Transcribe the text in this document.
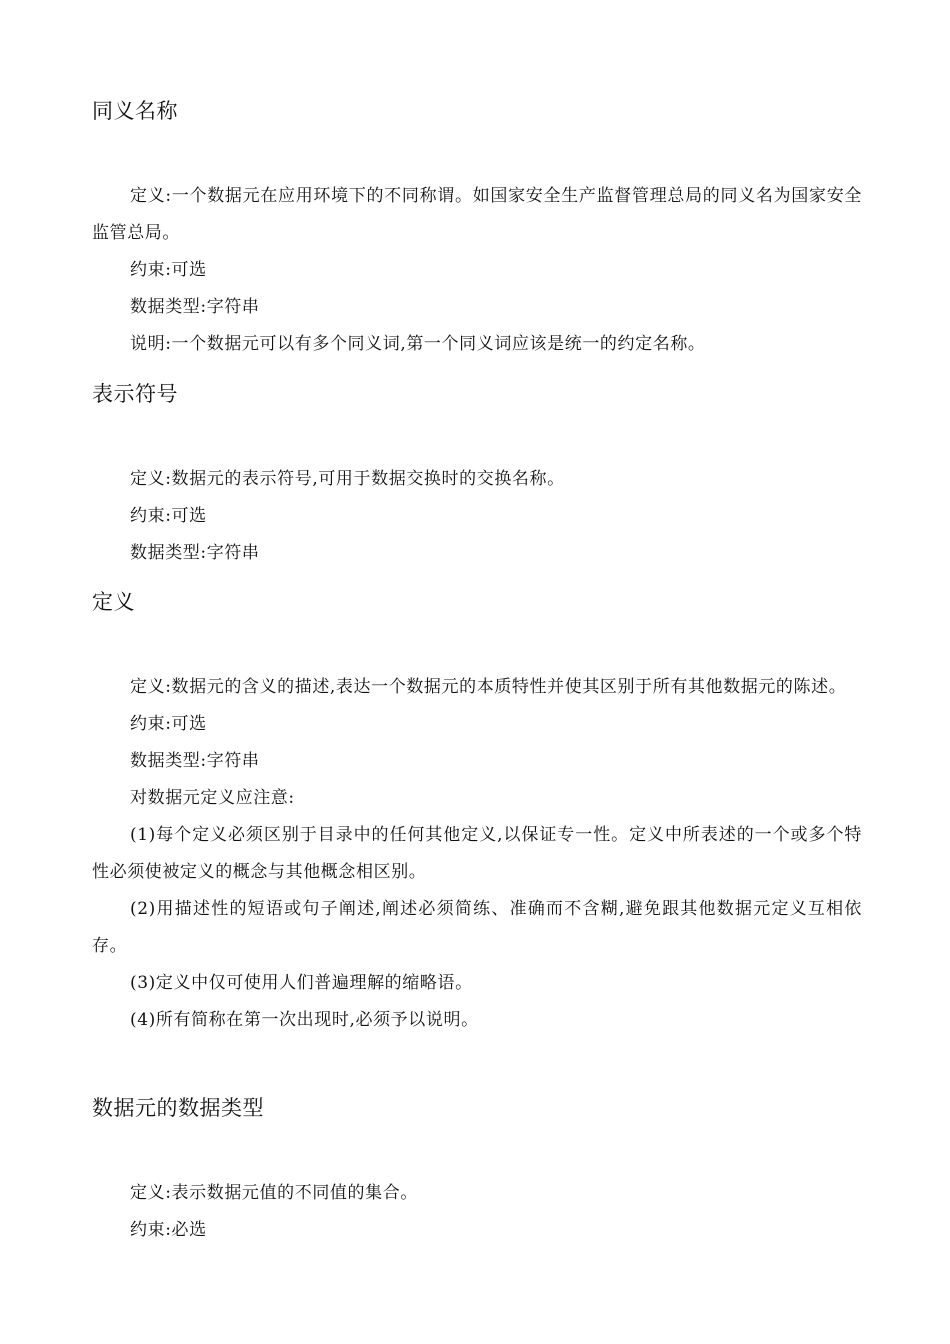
同义名称

定义:一个数据元在应用环境下的不同称谓。如国家安全生产监督管理总局的同义名为国家安全监管总局。

约束:可选

数据类型:字符串

说明:一个数据元可以有多个同义词,第一个同义词应该是统一的约定名称。

表示符号

定义:数据元的表示符号,可用于数据交换时的交换名称。

约束:可选

数据类型:字符串

定义

定义:数据元的含义的描述,表达一个数据元的本质特性并使其区别于所有其他数据元的陈述。

约束:可选

数据类型:字符串

对数据元定义应注意:

(1)每个定义必须区别于目录中的任何其他定义,以保证专一性。定义中所表述的一个或多个特性必须使被定义的概念与其他概念相区别。

(2)用描述性的短语或句子阐述,阐述必须简练、准确而不含糊,避免跟其他数据元定义互相依存。

(3)定义中仅可使用人们普遍理解的缩略语。

(4)所有简称在第一次出现时,必须予以说明。

数据元的数据类型

定义:表示数据元值的不同值的集合。

约束:必选
